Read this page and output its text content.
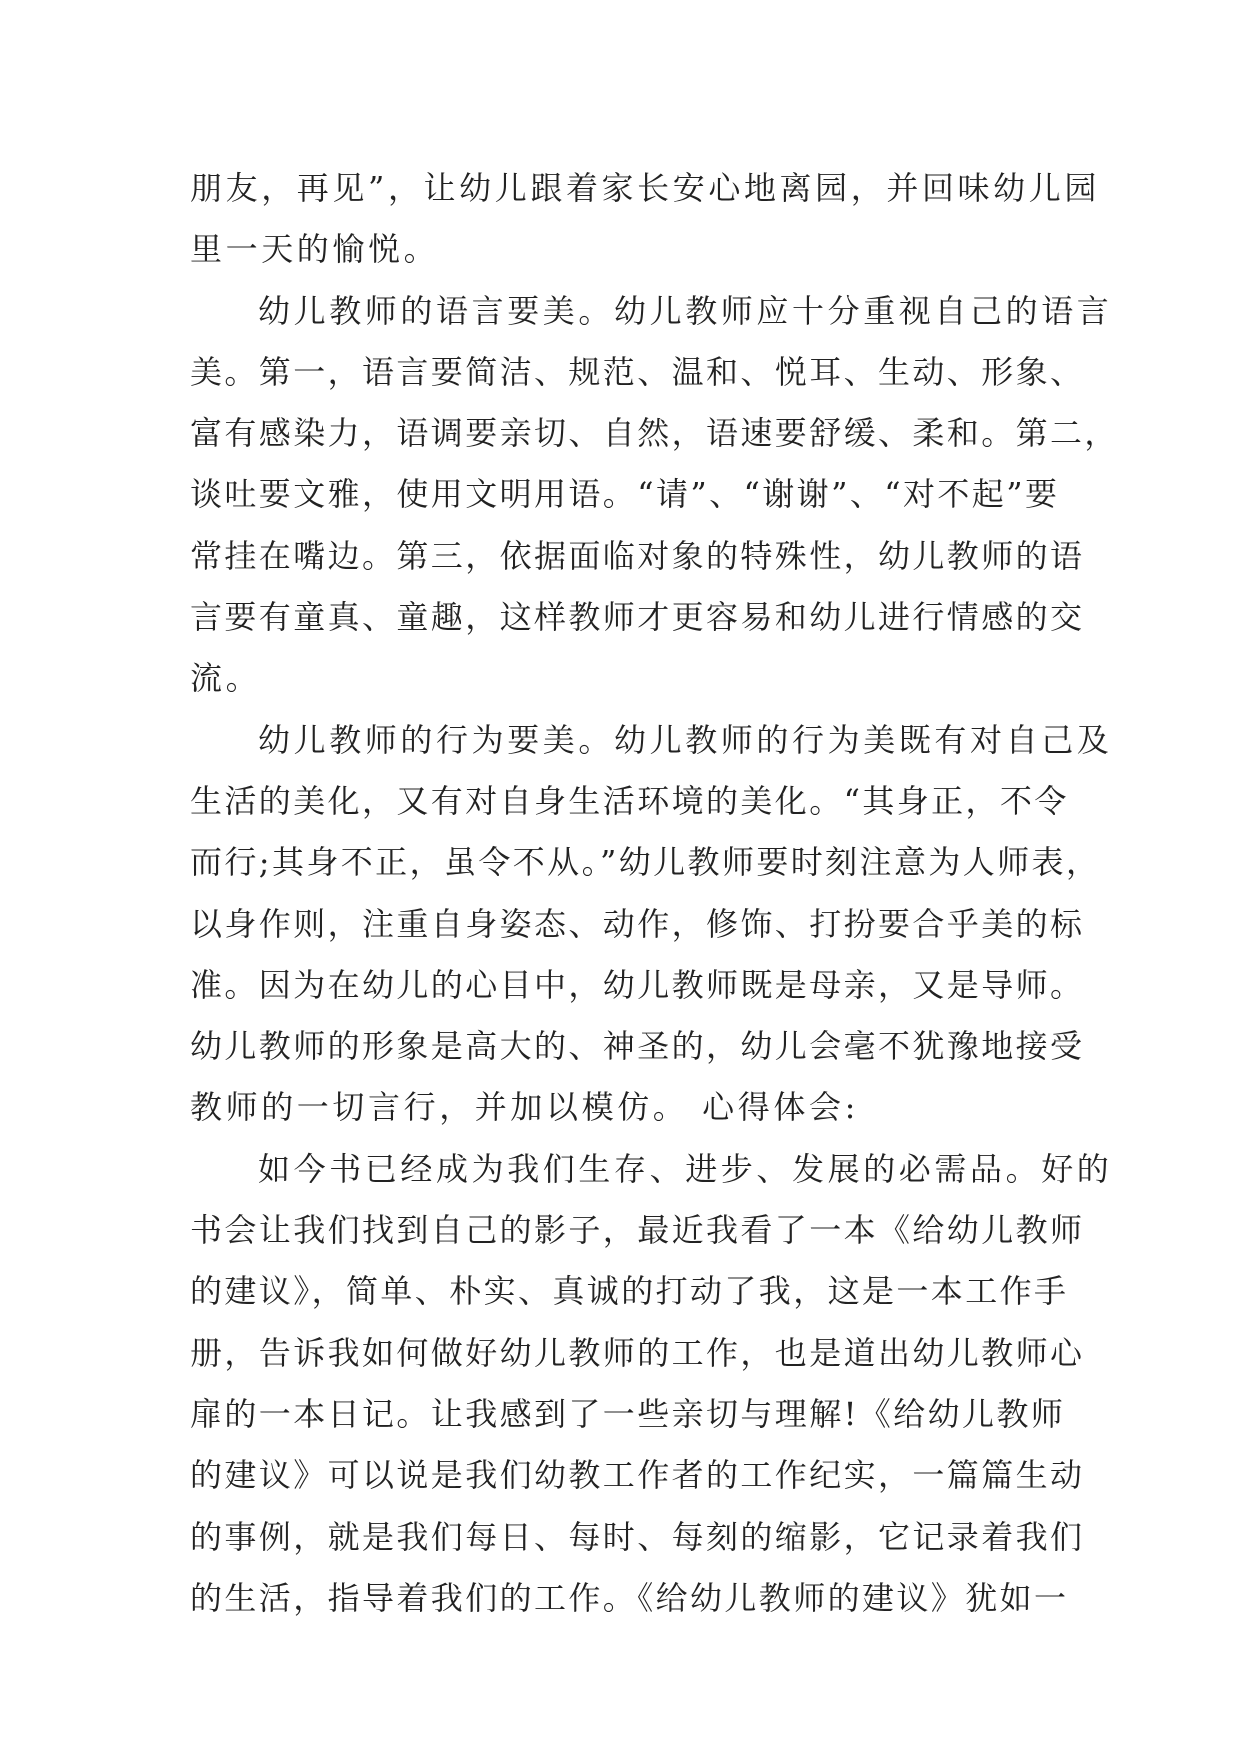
朋友，再见”，让幼儿跟着家长安心地离园，并回味幼儿园
里一天的愉悦。
幼儿教师的语言要美。幼儿教师应十分重视自己的语言
美。第一，语言要简洁、规范、温和、悦耳、生动、形象、
富有感染力，语调要亲切、自然，语速要舒缓、柔和。第二，
谈吐要文雅，使用文明用语。“请”、“谢谢”、“对不起”要
常挂在嘴边。第三，依据面临对象的特殊性，幼儿教师的语
言要有童真、童趣，这样教师才更容易和幼儿进行情感的交
流。
幼儿教师的行为要美。幼儿教师的行为美既有对自己及
生活的美化，又有对自身生活环境的美化。“其身正，不令
而行;其身不正，虽令不从。”幼儿教师要时刻注意为人师表，
以身作则，注重自身姿态、动作，修饰、打扮要合乎美的标
准。因为在幼儿的心目中，幼儿教师既是母亲，又是导师。
幼儿教师的形象是高大的、神圣的，幼儿会毫不犹豫地接受
教师的一切言行，并加以模仿。 心得体会:
如今书已经成为我们生存、进步、发展的必需品。好的
书会让我们找到自己的影子，最近我看了一本《给幼儿教师
的建议》，简单、朴实、真诚的打动了我，这是一本工作手
册，告诉我如何做好幼儿教师的工作，也是道出幼儿教师心
扉的一本日记。让我感到了一些亲切与理解!《给幼儿教师
的建议》可以说是我们幼教工作者的工作纪实，一篇篇生动
的事例，就是我们每日、每时、每刻的缩影，它记录着我们
的生活，指导着我们的工作。《给幼儿教师的建议》犹如一
